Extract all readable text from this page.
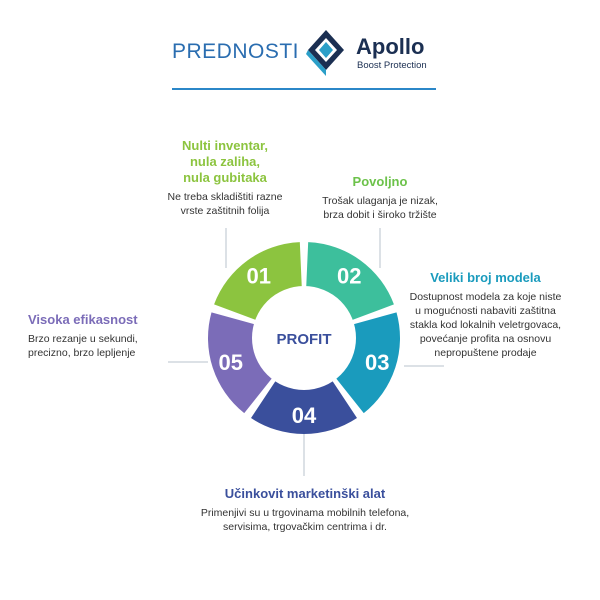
PREDNOSTI	Apollo
Boost Protection
01	02
03
04
05
PROFIT
Nulti inventar,
nula zaliha,
nula gubitaka

Ne treba skladištiti razne
vrste zaštitnih folija

Povoljno

Trošak ulaganja je nizak,
brza dobit i široko tržište

Veliki broj modela

Dostupnost modela za koje niste
u mogućnosti nabaviti zaštitna
stakla kod lokalnih veletrgovaca,
povećanje profita na osnovu
nepropuštene prodaje

Učinkovit marketinški alat

Primenjivi su u trgovinama mobilnih telefona,
servisima, trgovačkim centrima i dr.

Visoka efikasnost

Brzo rezanje u sekundi,
precizno, brzo lepljenje
